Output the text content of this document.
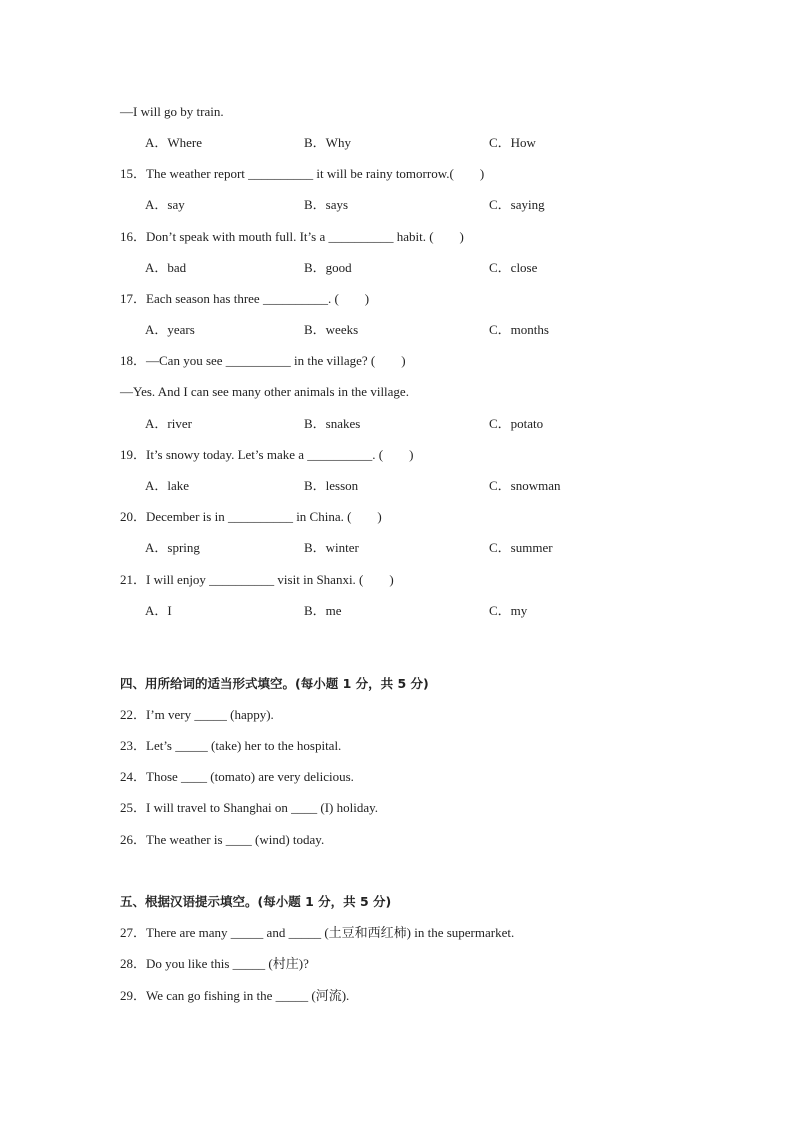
—I will go by train.
A．Where	B．Why	C．How
15．The weather report __________ it will be rainy tomorrow.(　　)
A．say	B．says	C．saying
16．Don’t speak with mouth full. It’s a __________ habit. (　　)
A．bad	B．good	C．close
17．Each season has three __________. (　　)
A．years	B．weeks	C．months
18．—Can you see __________ in the village? (　　)
—Yes. And I can see many other animals in the village.
A．river	B．snakes	C．potato
19．It’s snowy today. Let’s make a __________. (　　)
A．lake	B．lesson	C．snowman
20．December is in __________ in China. (　　)
A．spring	B．winter	C．summer
21．I will enjoy __________ visit in Shanxi. (　　)
A．I	B．me	C．my
四、用所给词的适当形式填空。(每小题 1 分，共 5 分)
22．I’m very _____ (happy).
23．Let’s _____ (take) her to the hospital.
24．Those ____ (tomato) are very delicious.
25．I will travel to Shanghai on ____ (I) holiday.
26．The weather is ____ (wind) today.
五、根据汉语提示填空。(每小题 1 分，共 5 分)
27．There are many _____ and _____ (土豆和西红柿) in the supermarket.
28．Do you like this _____ (村庄)?
29．We can go fishing in the _____ (河流).
